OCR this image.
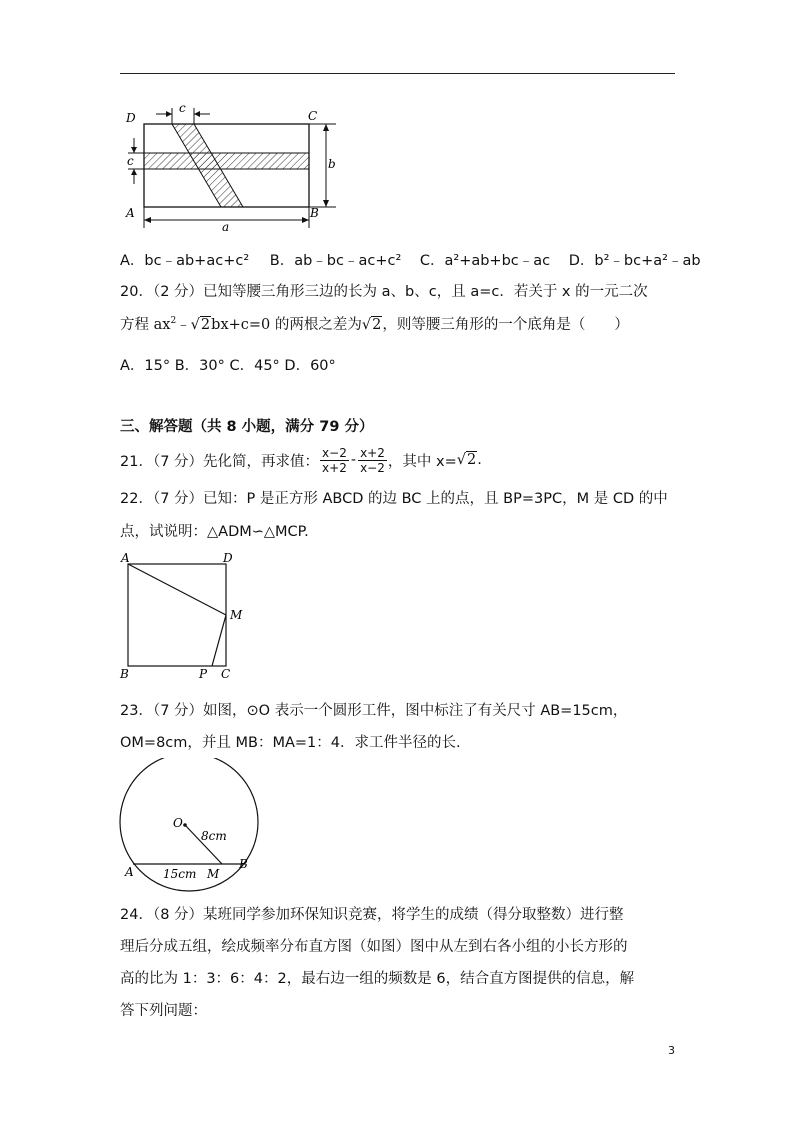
D	C
A	B
c
c	b
a
A．bc﹣ab+ac+c² B．ab﹣bc﹣ac+c² C．a²+ab+bc﹣ac D．b²﹣bc+a²﹣ab
20．（2 分）已知等腰三角形三边的长为 a、b、c，且 a=c．若关于 x 的一元二次
方程 $ax^2﹣√2bx+c=0$ 的两根之差为√2，则等腰三角形的一个底角是（　　）
A．15° B．30° C．45° D．60°
三、解答题（共 8 小题，满分 79 分）
21．（7 分）先化简，再求值： $\frac{x-2}{x+2} - \frac{x+2}{x-2}$ ，其中 x= √2 .
22．（7 分）已知：P 是正方形 ABCD 的边 BC 上的点，且 BP=3PC，M 是 CD 的中
点，试说明：△ADM∽△MCP.
A	D
M
B	P C
23．（7 分）如图，⊙O 表示一个圆形工件，图中标注了有关尺寸 AB=15cm，
OM=8cm，并且 MB：MA=1：4．求工件半径的长.
O
8cm
15cm
A	M
B
24．（8 分）某班同学参加环保知识竞赛，将学生的成绩（得分取整数）进行整
理后分成五组，绘成频率分布直方图（如图）图中从左到右各小组的小长方形的
高的比为 1：3：6：4：2，最右边一组的频数是 6，结合直方图提供的信息，解
答下列问题：
3
